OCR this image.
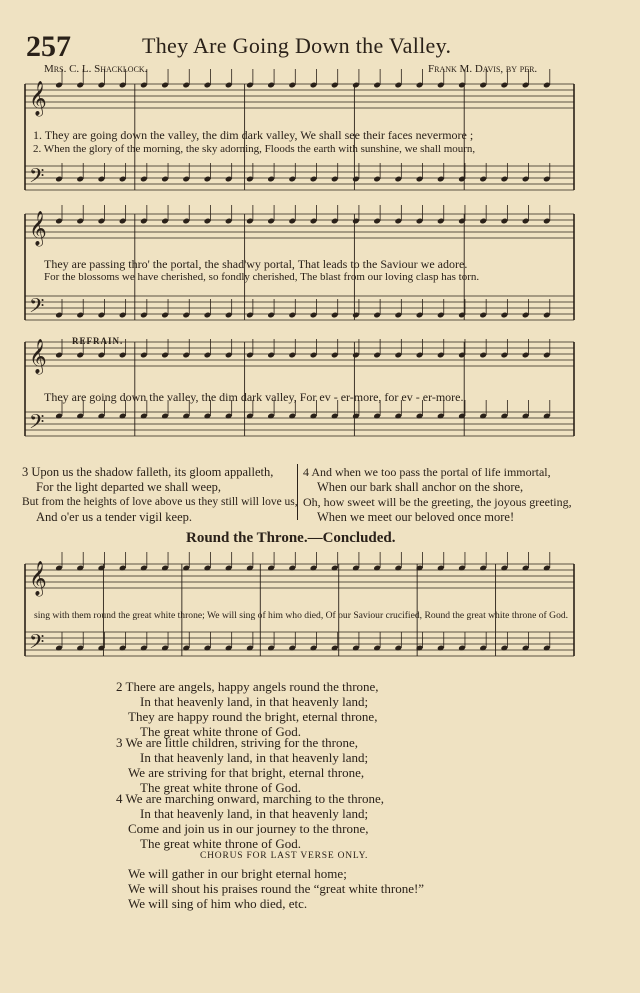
𝄞
𝄢
𝄞
𝄢
𝄞
𝄢
𝄞
𝄢
257	They Are Going Down the Valley.
Mrs. C. L. Shacklock.	Frank M. Davis, by per.
1. They are going down the valley, the dim dark valley, We shall see their faces nevermore ;
2. When the glory of the morning, the sky adorning, Floods the earth with sunshine, we shall mourn,
They are passing thro' the portal, the shad'wy portal, That leads to the Saviour we adore.
For the blossoms we have cherished, so fondly cherished, The blast from our loving clasp has torn.
REFRAIN.
They are going down the valley, the dim dark valley, For ev - er-more, for ev - er-more.
3 Upon us the shadow falleth, its gloom appalleth,
For the light departed we shall weep,
But from the heights of love above us they still will love us,
And o'er us a tender vigil keep.
4 And when we too pass the portal of life immortal,
When our bark shall anchor on the shore,
Oh, how sweet will be the greeting, the joyous greeting,
When we meet our beloved once more!
Round the Throne.—Concluded.
sing with them round the great white throne; We will sing of him who died, Of our Saviour crucified, Round the great white throne of God.
2 There are angels, happy angels round the throne,
In that heavenly land, in that heavenly land;
They are happy round the bright, eternal throne,
The great white throne of God.
3 We are little children, striving for the throne,
In that heavenly land, in that heavenly land;
We are striving for that bright, eternal throne,
The great white throne of God.
4 We are marching onward, marching to the throne,
In that heavenly land, in that heavenly land;
Come and join us in our journey to the throne,
The great white throne of God.
CHORUS FOR LAST VERSE ONLY.
We will gather in our bright eternal home;
We will shout his praises round the “great white throne!”
We will sing of him who died, etc.
